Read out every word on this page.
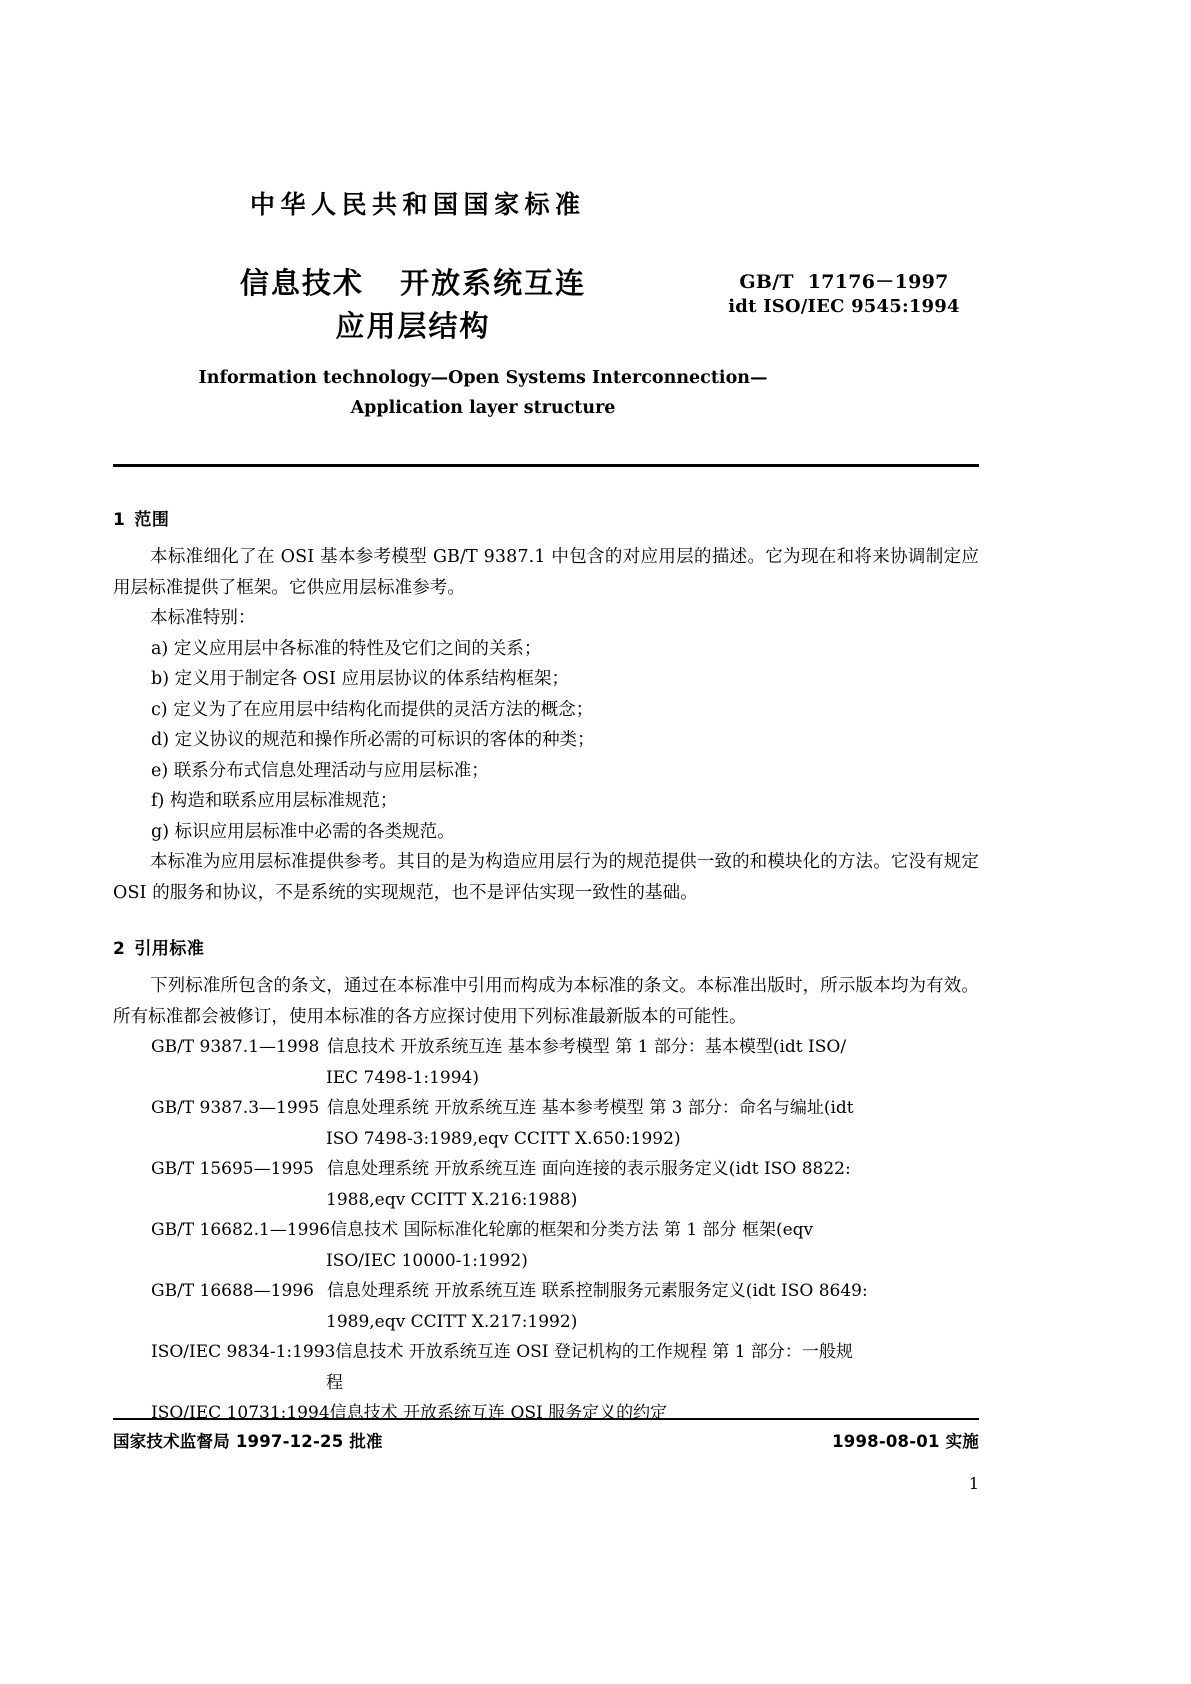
中华人民共和国国家标准
信息技术   开放系统互连
应用层结构
GB/T  17176－1997
idt ISO/IEC 9545:1994
Information technology—Open Systems Interconnection—
Application layer structure
1 范围

本标准细化了在 OSI 基本参考模型 GB/T 9387.1 中包含的对应用层的描述。它为现在和将来协调制定应用层标准提供了框架。它供应用层标准参考。

本标准特别：

a) 定义应用层中各标准的特性及它们之间的关系；
b) 定义用于制定各 OSI 应用层协议的体系结构框架；
c) 定义为了在应用层中结构化而提供的灵活方法的概念；
d) 定义协议的规范和操作所必需的可标识的客体的种类；
e) 联系分布式信息处理活动与应用层标准；
f) 构造和联系应用层标准规范；
g) 标识应用层标准中必需的各类规范。

本标准为应用层标准提供参考。其目的是为构造应用层行为的规范提供一致的和模块化的方法。它没有规定 OSI 的服务和协议，不是系统的实现规范，也不是评估实现一致性的基础。

2 引用标准

下列标准所包含的条文，通过在本标准中引用而构成为本标准的条文。本标准出版时，所示版本均为有效。所有标准都会被修订，使用本标准的各方应探讨使用下列标准最新版本的可能性。

GB/T 9387.1—1998 信息技术 开放系统互连 基本参考模型 第 1 部分：基本模型(idt ISO/
IEC 7498-1:1994)
GB/T 9387.3—1995 信息处理系统 开放系统互连 基本参考模型 第 3 部分：命名与编址(idt
ISO 7498-3:1989,eqv CCITT X.650:1992)
GB/T 15695—1995 信息处理系统 开放系统互连 面向连接的表示服务定义(idt ISO 8822:
1988,eqv CCITT X.216:1988)
GB/T 16682.1—1996信息技术 国际标准化轮廓的框架和分类方法 第 1 部分 框架(eqv
ISO/IEC 10000-1:1992)
GB/T 16688—1996 信息处理系统 开放系统互连 联系控制服务元素服务定义(idt ISO 8649:
1989,eqv CCITT X.217:1992)
ISO/IEC 9834-1:1993信息技术 开放系统互连 OSI 登记机构的工作规程 第 1 部分：一般规
程
ISO/IEC 10731:1994信息技术 开放系统互连 OSI 服务定义的约定
国家技术监督局 1997-12-25 批准	1998-08-01 实施
1
